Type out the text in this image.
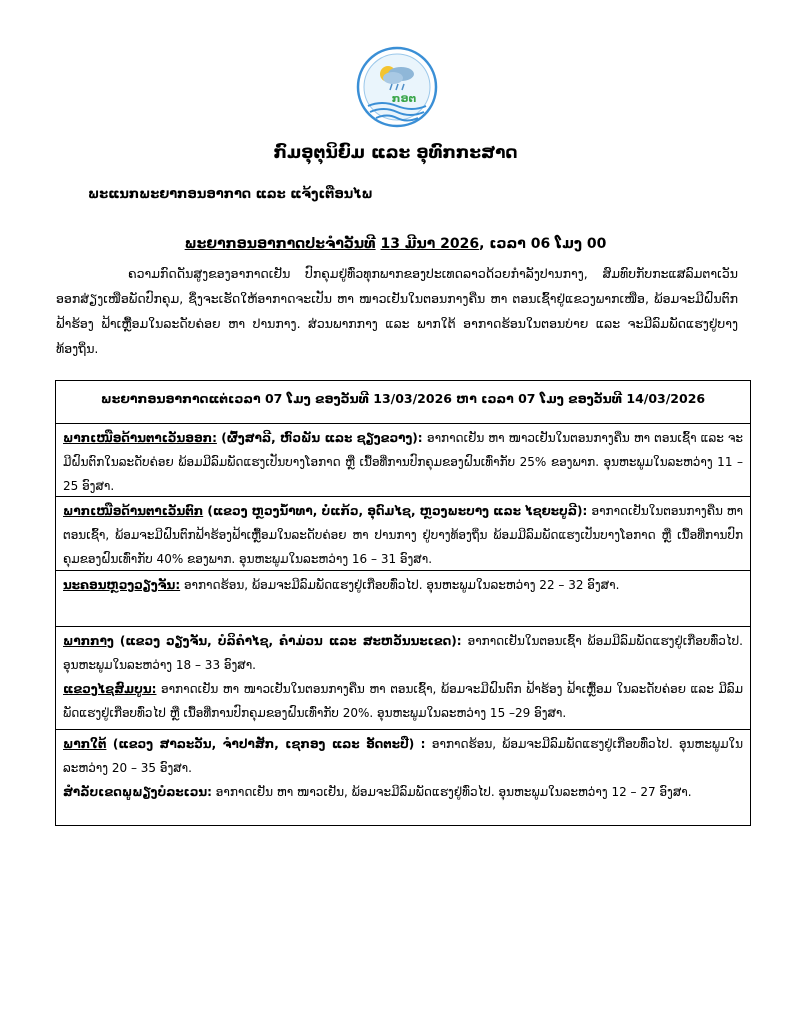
ກອຕ
ກົມອຸຕຸນິຍົມ ແລະ ອຸທົກກະສາດ
ພະແນກພະຍາກອນອາກາດ ແລະ ແຈ້ງເຕືອນໄພ
ພະຍາກອນອາກາດປະຈຳວັນທີ 13 ມີນາ 2026, ເວລາ 06 ໂມງ 00

ຄວາມກົດດັນສູງຂອງອາກາດເຢັນ ປົກຄຸມຢູ່ທົ່ວທຸກພາກຂອງປະເທດລາວດ້ວຍກຳລັງປານກາງ, ສົມທົບກັບກະແສລົມຕາເວັນອອກສ່ຽງເໜືອພັດປົກຄຸມ, ຊຶ່ງຈະເຮັດໃຫ້ອາກາດຈະເປັນ ຫາ ໜາວເຢັນໃນຕອນກາງຄືນ ຫາ ຕອນເຊົ້າຢູ່ແຂວງພາກເໜືອ, ພ້ອມຈະມີຝົນຕົກຟ້າຮ້ອງ ຟ້າເຫຼື້ອມໃນລະດັບຄ່ອຍ ຫາ ປານກາງ. ສ່ວນພາກກາງ ແລະ ພາກໃຕ້ ອາກາດຮ້ອນໃນຕອນບ່າຍ ແລະ ຈະມີລົມພັດແຮງຢູ່ບາງທ້ອງຖິ່ນ.

ພະຍາກອນອາກາດແຕ່ເວລາ 07 ໂມງ ຂອງວັນທີ 13/03/2026 ຫາ ເວລາ 07 ໂມງ ຂອງວັນທີ 14/03/2026
ພາກເໜືອດ້ານຕາເວັນອອກ: (ຜົ້ງສາລີ, ຫົວພັນ ແລະ ຊຽງຂວາງ): ອາກາດເຢັນ ຫາ ໜາວເຢັນໃນຕອນກາງຄືນ ຫາ ຕອນເຊົ້າ ແລະ ຈະມີຝົນຕົກໃນລະດັບຄ່ອຍ ພ້ອມມີລົມພັດແຮງເປັນບາງໂອກາດ ຫຼື ເນື້ອທີ່ການປົກຄຸມຂອງຝົນເທົ່າກັບ 25% ຂອງພາກ. ອຸນຫະພູມໃນລະຫວ່າງ 11 – 25 ອົງສາ.
ພາກເໜືອດ້ານຕາເວັນຕົກ (ແຂວງ ຫຼວງນ້ຳທາ, ບໍ່ແກ້ວ, ອຸດົມໄຊ, ຫຼວງພະບາງ ແລະ ໄຊຍະບູລີ): ອາກາດເຢັນໃນຕອນກາງຄືນ ຫາ ຕອນເຊົ້າ, ພ້ອມຈະມີຝົນຕົກຟ້າຮ້ອງຟ້າເຫຼື້ອມໃນລະດັບຄ່ອຍ ຫາ ປານກາງ ຢູ່ບາງທ້ອງຖິ່ນ ພ້ອມມີລົມພັດແຮງເປັນບາງໂອກາດ ຫຼື ເນື້ອທີ່ການປົກຄຸມຂອງຝົນເທົ່າກັບ 40% ຂອງພາກ. ອຸນຫະພູມໃນລະຫວ່າງ 16 – 31 ອົງສາ.
ນະຄອນຫຼວງວຽງຈັນ: ອາກາດຮ້ອນ, ພ້ອມຈະມີລົມພັດແຮງຢູ່ເກືອບທົ່ວໄປ. ອຸນຫະພູມໃນລະຫວ່າງ 22 – 32 ອົງສາ.

ພາກກາງ (ແຂວງ ວຽງຈັນ, ບໍລິຄຳໄຊ, ຄຳມ່ວນ ແລະ ສະຫວັນນະເຂດ): ອາກາດເຢັນໃນຕອນເຊົ້າ ພ້ອມມີລົມພັດແຮງຢູ່ເກືອບທົ່ວໄປ. ອຸນຫະພູມໃນລະຫວ່າງ 18 – 33 ອົງສາ.

ແຂວງໄຊສົມບູນ: ອາກາດເຢັນ ຫາ ໜາວເຢັນໃນຕອນກາງຄືນ ຫາ ຕອນເຊົ້າ, ພ້ອມຈະມີຝົນຕົກ ຟ້າຮ້ອງ ຟ້າເຫຼື້ອມ ໃນລະດັບຄ່ອຍ ແລະ ມີລົມພັດແຮງຢູ່ເກືອບທົ່ວໄປ ຫຼື ເນື້ອທີ່ການປົກຄຸມຂອງຝົນເທົ່າກັບ 20%. ອຸນຫະພູມໃນລະຫວ່າງ 15 –29 ອົງສາ.

ພາກໃຕ້ (ແຂວງ ສາລະວັນ, ຈຳປາສັກ, ເຊກອງ ແລະ ອັດຕະປື) : ອາກາດຮ້ອນ, ພ້ອມຈະມີລົມພັດແຮງຢູ່ເກືອບທົ່ວໄປ. ອຸນຫະພູມໃນລະຫວ່າງ 20 – 35 ອົງສາ.

ສຳລັບເຂດພູພຽງບໍລະເວນ: ອາກາດເຢັນ ຫາ ໜາວເຢັນ, ພ້ອມຈະມີລົມພັດແຮງຢູ່ທົ່ວໄປ. ອຸນຫະພູມໃນລະຫວ່າງ 12 – 27 ອົງສາ.
